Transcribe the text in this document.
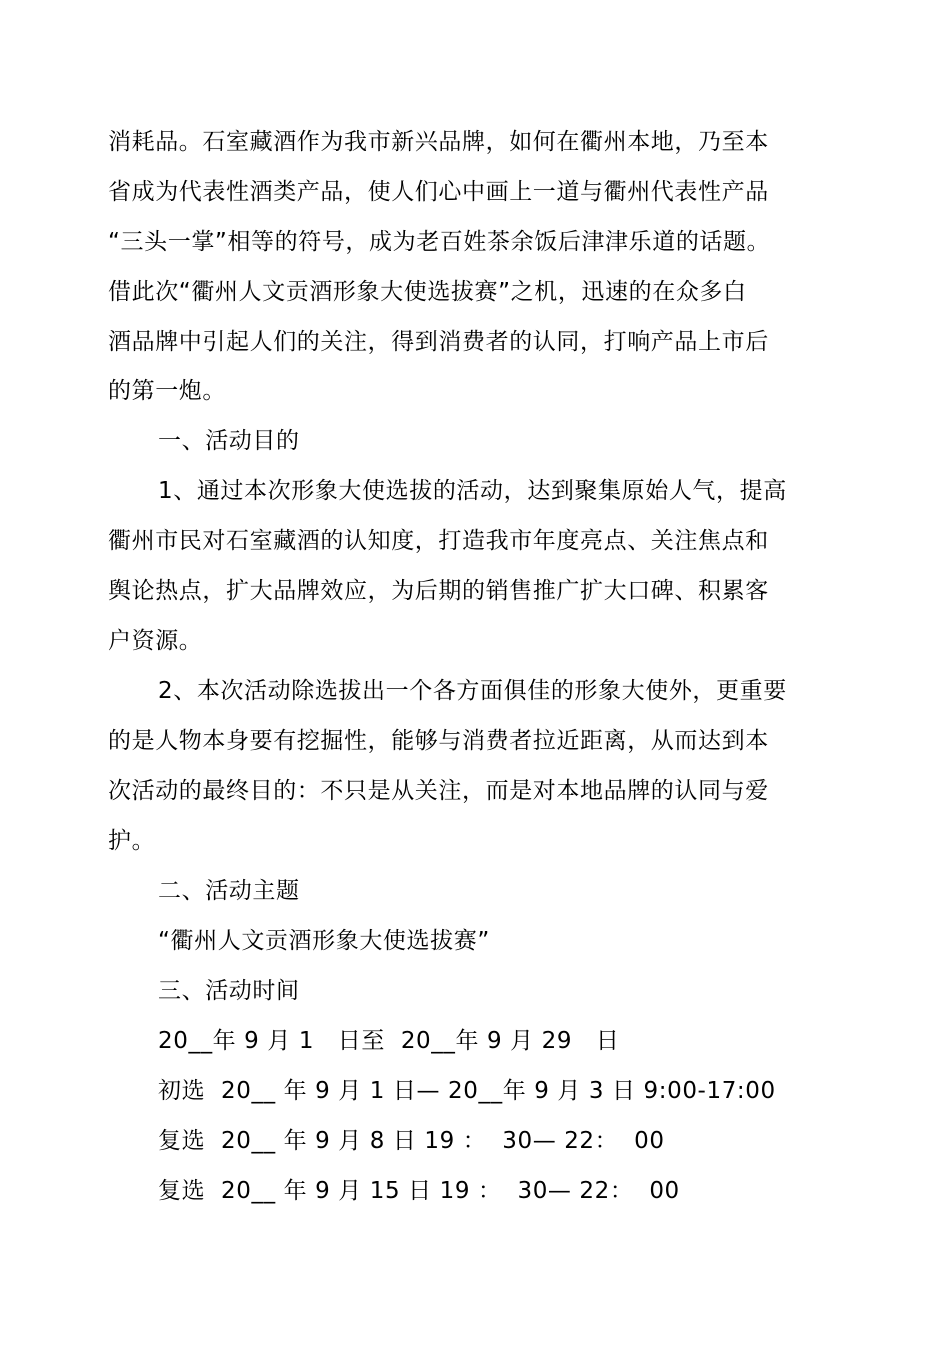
消耗品。石室藏酒作为我市新兴品牌，如何在衢州本地，乃至本
省成为代表性酒类产品，使人们心中画上一道与衢州代表性产品
“三头一掌”相等的符号，成为老百姓茶余饭后津津乐道的话题。
借此次“衢州人文贡酒形象大使选拔赛”之机，迅速的在众多白
酒品牌中引起人们的关注，得到消费者的认同，打响产品上市后
的第一炮。
一、活动目的
1、通过本次形象大使选拔的活动，达到聚集原始人气，提高
衢州市民对石室藏酒的认知度，打造我市年度亮点、关注焦点和
舆论热点，扩大品牌效应，为后期的销售推广扩大口碑、积累客
户资源。
2、本次活动除选拔出一个各方面俱佳的形象大使外，更重要
的是人物本身要有挖掘性，能够与消费者拉近距离，从而达到本
次活动的最终目的：不只是从关注，而是对本地品牌的认同与爱
护。
二、活动主题
“衢州人文贡酒形象大使选拔赛”
三、活动时间
20__年 9 月 1   日至  20__年 9 月 29   日
初选  20__ 年 9 月 1 日— 20__年 9 月 3 日 9:00-17:00
复选  20__ 年 9 月 8 日 19 ：  30— 22：  00
复选  20__ 年 9 月 15 日 19 ：  30— 22：  00
